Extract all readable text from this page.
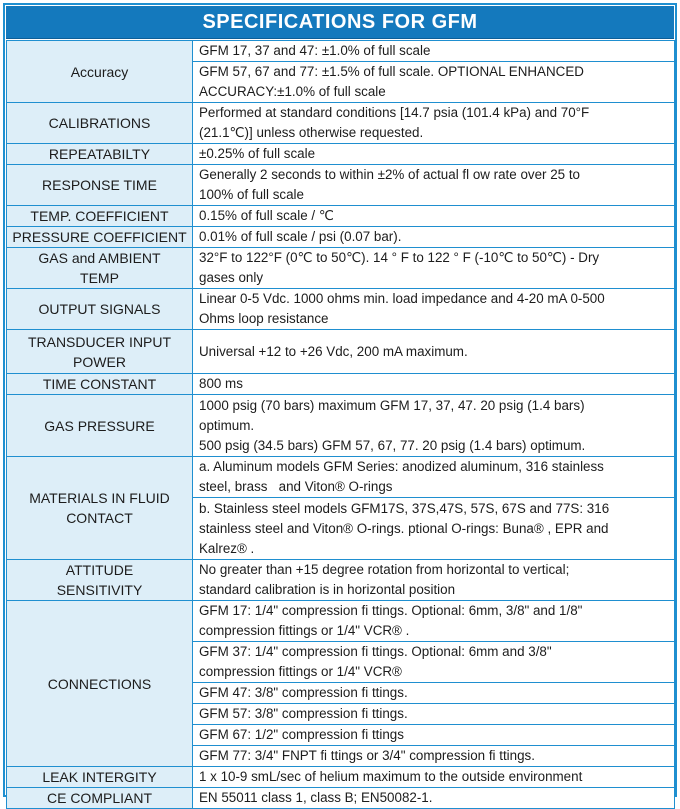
SPECIFICATIONS FOR GFM
Accuracy	GFM 17, 37 and 47: ±1.0% of full scale

	GFM 57, 67 and 77: ±1.5% of full scale. OPTIONAL ENHANCED
ACCURACY:±1.0% of full scale

CALIBRATIONS	Performed at standard conditions [14.7 psia (101.4 kPa) and 70°F
(21.1℃)] unless otherwise requested.

REPEATABILTY	±0.25% of full scale

RESPONSE TIME	Generally 2 seconds to within ±2% of actual fl ow rate over 25 to
100% of full scale

TEMP. COEFFICIENT	0.15% of full scale / ℃

PRESSURE COEFFICIENT	0.01% of full scale / psi (0.07 bar).

GAS and AMBIENT
TEMP	32°F to 122°F (0℃ to 50℃). 14 ° F to 122 ° F (-10℃ to 50℃) - Dry
gases only

OUTPUT SIGNALS	Linear 0-5 Vdc. 1000 ohms min. load impedance and 4-20 mA 0-500
Ohms loop resistance

TRANSDUCER INPUT
POWER	Universal +12 to +26 Vdc, 200 mA maximum.

TIME CONSTANT	800 ms

GAS PRESSURE	1000 psig (70 bars) maximum GFM 17, 37, 47. 20 psig (1.4 bars)
optimum.
500 psig (34.5 bars) GFM 57, 67, 77. 20 psig (1.4 bars) optimum.

MATERIALS IN FLUID
CONTACT	a. Aluminum models GFM Series: anodized aluminum, 316 stainless
steel, brass   and Viton® O-rings

	b. Stainless steel models GFM17S, 37S,47S, 57S, 67S and 77S: 316
stainless steel and Viton® O-rings. ptional O-rings: Buna® , EPR and
Kalrez® .

ATTITUDE
SENSITIVITY	No greater than +15 degree rotation from horizontal to vertical;
standard calibration is in horizontal position

CONNECTIONS	GFM 17: 1/4" compression fi ttings. Optional: 6mm, 3/8" and 1/8"
compression fittings or 1/4" VCR® .

	GFM 37: 1/4" compression fi ttings. Optional: 6mm and 3/8"
compression fittings or 1/4" VCR®

	GFM 47: 3/8" compression fi ttings.

	GFM 57: 3/8" compression fi ttings.

	GFM 67: 1/2" compression fi ttings

	GFM 77: 3/4" FNPT fi ttings or 3/4" compression fi ttings.

LEAK INTERGITY	1 x 10-9 smL/sec of helium maximum to the outside environment

CE COMPLIANT	EN 55011 class 1, class B; EN50082-1.
